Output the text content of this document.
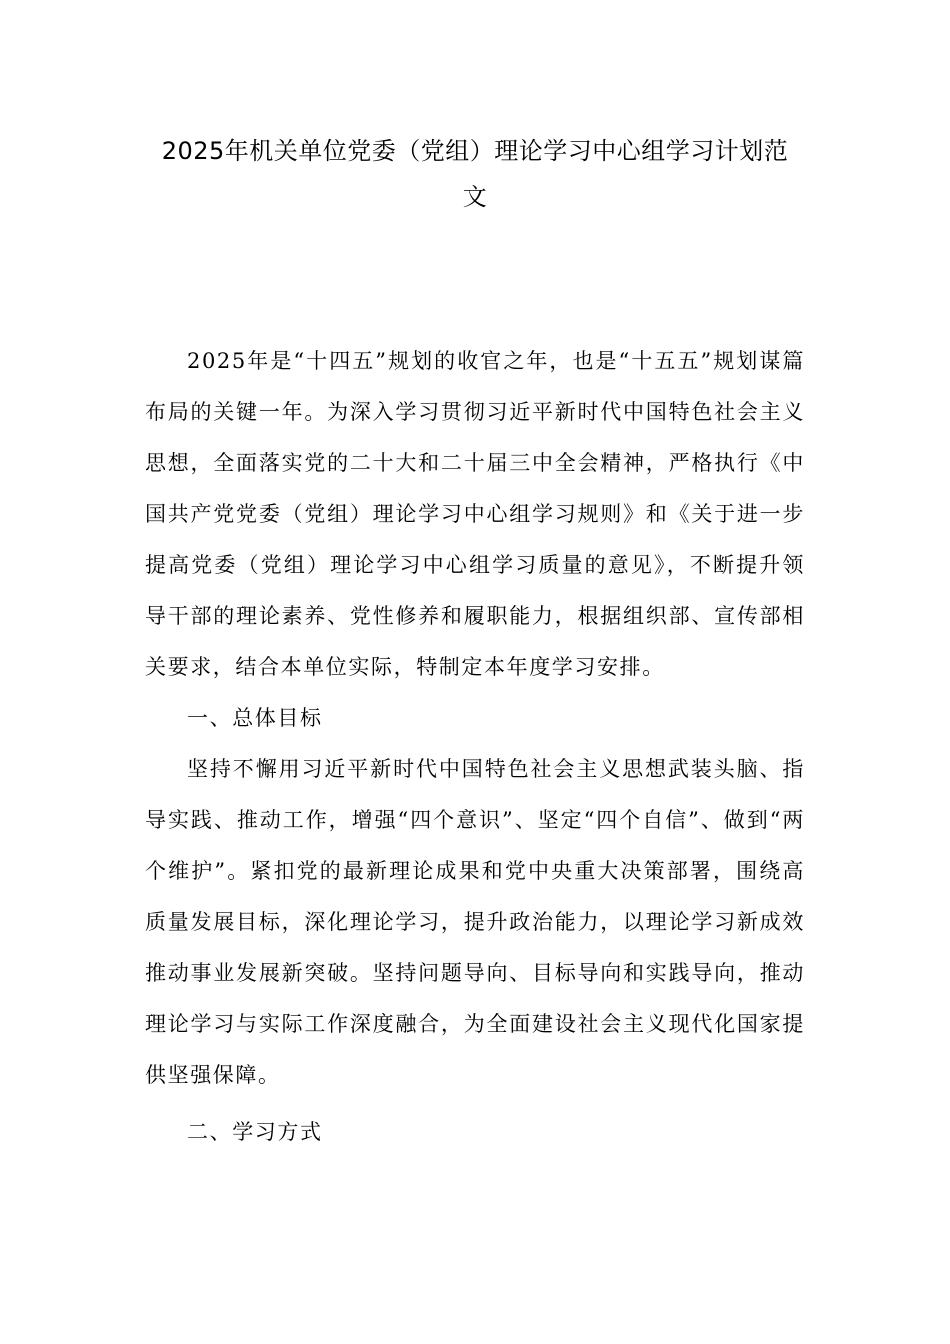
2025年机关单位党委（党组）理论学习中心组学习计划范
文

2025年是“十四五”规划的收官之年，也是“十五五”规划谋篇布局的关键一年。为深入学习贯彻习近平新时代中国特色社会主义思想，全面落实党的二十大和二十届三中全会精神，严格执行《中国共产党党委（党组）理论学习中心组学习规则》和《关于进一步提高党委（党组）理论学习中心组学习质量的意见》，不断提升领导干部的理论素养、党性修养和履职能力，根据组织部、宣传部相关要求，结合本单位实际，特制定本年度学习安排。

一、总体目标

坚持不懈用习近平新时代中国特色社会主义思想武装头脑、指导实践、推动工作，增强“四个意识”、坚定“四个自信”、做到“两个维护”。紧扣党的最新理论成果和党中央重大决策部署，围绕高质量发展目标，深化理论学习，提升政治能力，以理论学习新成效推动事业发展新突破。坚持问题导向、目标导向和实践导向，推动理论学习与实际工作深度融合，为全面建设社会主义现代化国家提供坚强保障。

二、学习方式
